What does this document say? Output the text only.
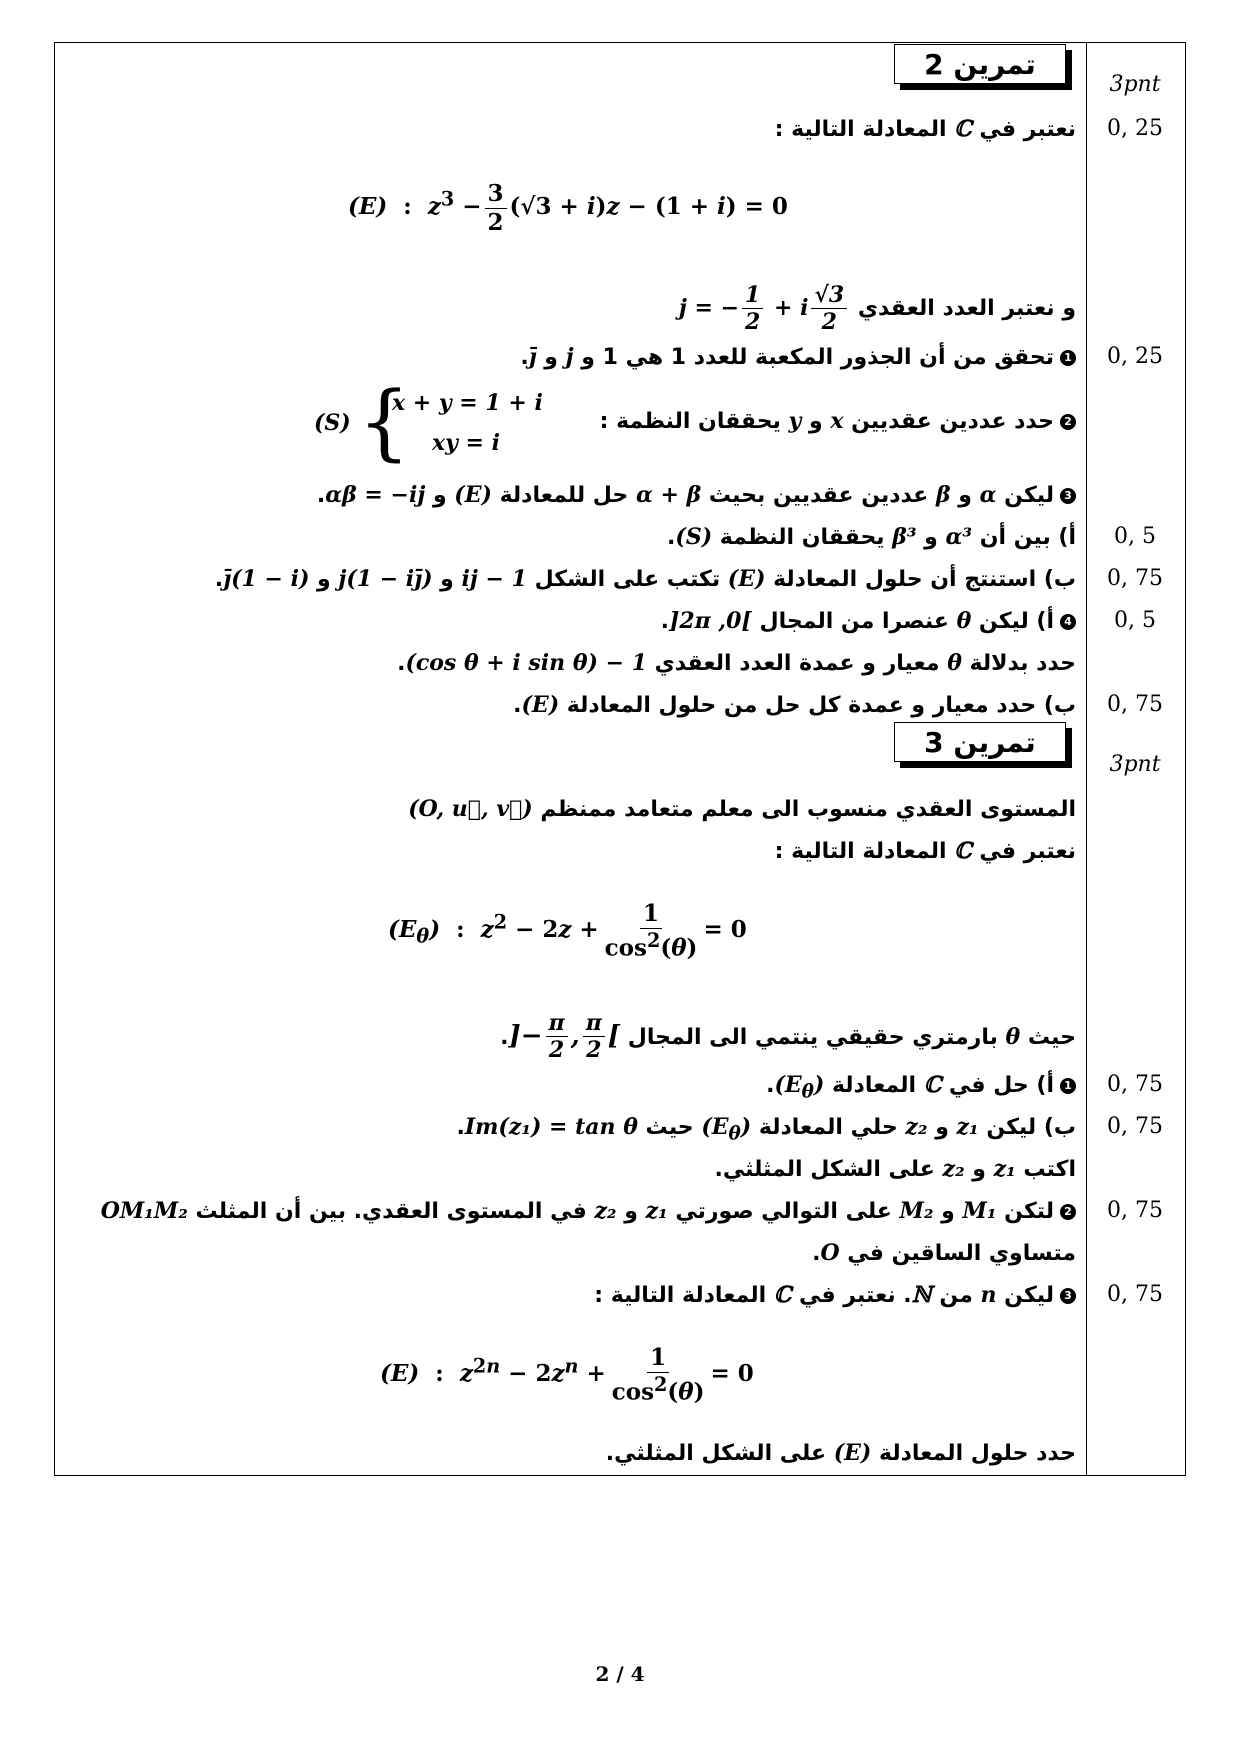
تمرين 2
3pnt
نعتبر في ℂ المعادلة التالية :	0, 25
(E)  :  $z^3 - \frac{3}{2} (√3 + i)z - (1 + i) = 0$
و نعتبر العدد العقدي j = − $\frac{1}{2} + i \frac{√3}{2}$
1تحقق من أن الجذور المكعبة للعدد 1 هي 1 و j و j̄.	0, 25
2حدد عددين عقديين x و y يحققان النظمة :
(S) {
x + y = 1 + i
xy = i
3ليكن α و β عددين عقديين بحيث α + β حل للمعادلة (E) و αβ = −ij.
أ) بين أن α³ و β³ يحققان النظمة (S).	0, 5
ب) استنتج أن حلول المعادلة (E) تكتب على الشكل 1 − ij و j(1 − ij̄) و j̄(1 − i).	0, 75
4أ) ليكن θ عنصرا من المجال ]0, 2π[.	0, 5
حدد بدلالة θ معيار و عمدة العدد العقدي 1 − (cos θ + i sin θ).
ب) حدد معيار و عمدة كل حل من حلول المعادلة (E).	0, 75
تمرين 3
3pnt
المستوى العقدي منسوب الى معلم متعامد ممنظم (O, u⃗, v⃗)
نعتبر في ℂ المعادلة التالية :
$(E_\theta)$  :  $z^2 - 2z + \frac{1}{\cos^2(\theta)} = 0$
حيث θ بارمتري حقيقي ينتمي الى المجال ]− $\frac{\pi}{2}$ , $\frac{\pi}{2}$ [.
1أ) حل في ℂ المعادلة $(E_\theta)$.	0, 75
ب) ليكن z₁ و z₂ حلي المعادلة $(E_\theta)$ حيث Im(z₁) = tan θ.	0, 75
اكتب z₁ و z₂ على الشكل المثلثي.
2لتكن M₁ و M₂ على التوالي صورتي z₁ و z₂ في المستوى العقدي. بين أن المثلث OM₁M₂	0, 75
متساوي الساقين في O.
3ليكن n من ℕ. نعتبر في ℂ المعادلة التالية :	0, 75
(E)  :  $z^{2n} - 2z^n + \frac{1}{\cos^2(\theta)} = 0$
حدد حلول المعادلة (E) على الشكل المثلثي.
2 / 4
